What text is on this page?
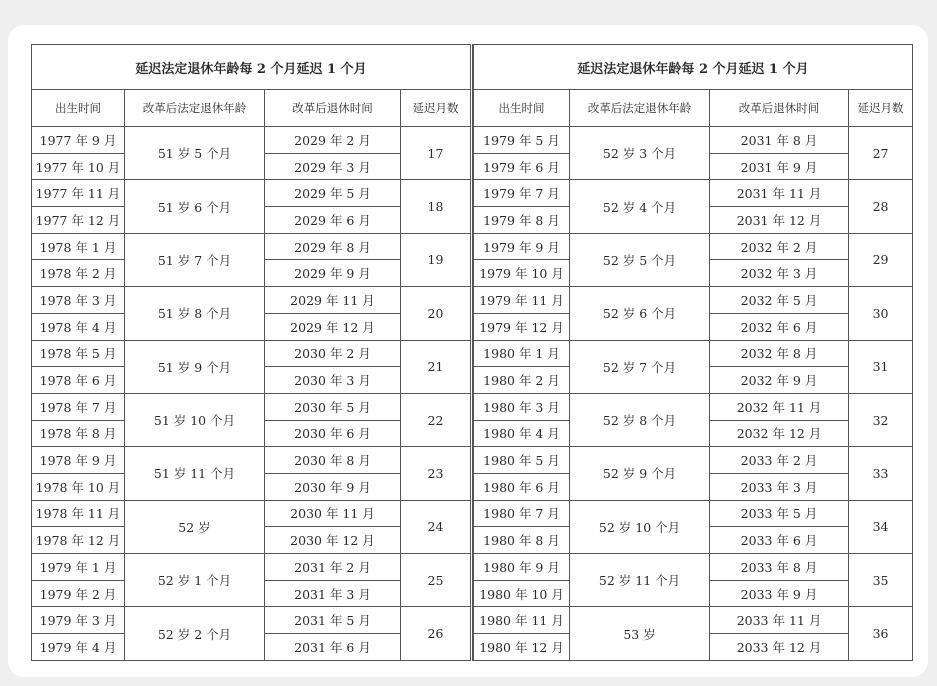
延迟法定退休年龄每 2 个月延迟 1 个月			
出生时间	改革后法定退休年龄	改革后退休时间	延迟月数
1977 年 9 月	51 岁 5 个月	2029 年 2 月	17
1977 年 10 月		2029 年 3 月	
1977 年 11 月	51 岁 6 个月	2029 年 5 月	18
1977 年 12 月		2029 年 6 月	
1978 年 1 月	51 岁 7 个月	2029 年 8 月	19
1978 年 2 月		2029 年 9 月	
1978 年 3 月	51 岁 8 个月	2029 年 11 月	20
1978 年 4 月		2029 年 12 月	
1978 年 5 月	51 岁 9 个月	2030 年 2 月	21
1978 年 6 月		2030 年 3 月	
1978 年 7 月	51 岁 10 个月	2030 年 5 月	22
1978 年 8 月		2030 年 6 月	
1978 年 9 月	51 岁 11 个月	2030 年 8 月	23
1978 年 10 月		2030 年 9 月	
1978 年 11 月	52 岁	2030 年 11 月	24
1978 年 12 月		2030 年 12 月	
1979 年 1 月	52 岁 1 个月	2031 年 2 月	25
1979 年 2 月		2031 年 3 月	
1979 年 3 月	52 岁 2 个月	2031 年 5 月	26
1979 年 4 月		2031 年 6 月	
延迟法定退休年龄每 2 个月延迟 1 个月			
出生时间	改革后法定退休年龄	改革后退休时间	延迟月数
1979 年 5 月	52 岁 3 个月	2031 年 8 月	27
1979 年 6 月		2031 年 9 月	
1979 年 7 月	52 岁 4 个月	2031 年 11 月	28
1979 年 8 月		2031 年 12 月	
1979 年 9 月	52 岁 5 个月	2032 年 2 月	29
1979 年 10 月		2032 年 3 月	
1979 年 11 月	52 岁 6 个月	2032 年 5 月	30
1979 年 12 月		2032 年 6 月	
1980 年 1 月	52 岁 7 个月	2032 年 8 月	31
1980 年 2 月		2032 年 9 月	
1980 年 3 月	52 岁 8 个月	2032 年 11 月	32
1980 年 4 月		2032 年 12 月	
1980 年 5 月	52 岁 9 个月	2033 年 2 月	33
1980 年 6 月		2033 年 3 月	
1980 年 7 月	52 岁 10 个月	2033 年 5 月	34
1980 年 8 月		2033 年 6 月	
1980 年 9 月	52 岁 11 个月	2033 年 8 月	35
1980 年 10 月		2033 年 9 月	
1980 年 11 月	53 岁	2033 年 11 月	36
1980 年 12 月		2033 年 12 月	
